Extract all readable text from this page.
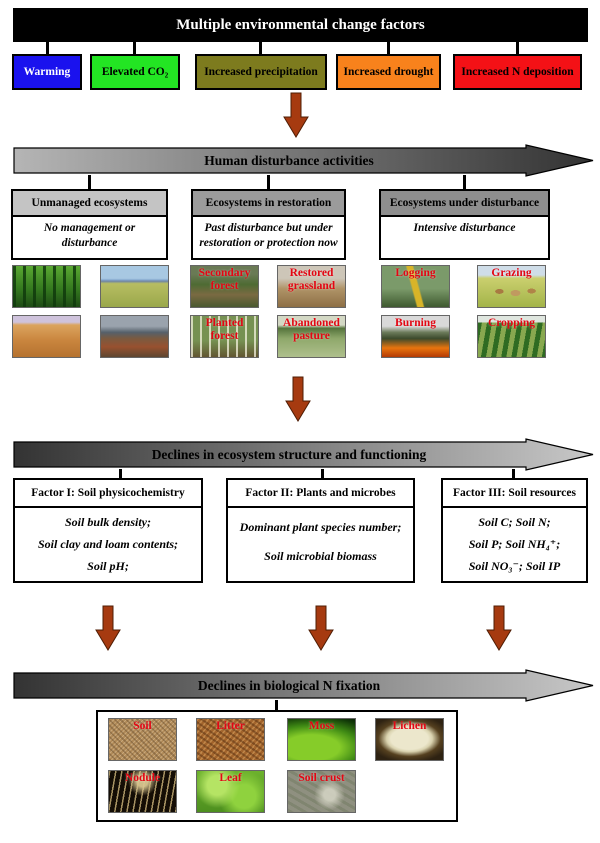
Multiple environmental change factors
Warming	Elevated CO₂	Increased precipitation Increased drought Increased N deposition
Human disturbance activities
Unmanaged ecosystems
No management or disturbance
Ecosystems in restoration
Past disturbance but under restoration or protection now
Ecosystems under disturbance
Intensive disturbance
Secondary forest
Restored grassland
Planted forest
Abandoned pasture
Logging	Grazing
Burning	Cropping
Declines in ecosystem structure and functioning
Factor I: Soil physicochemistry
Soil bulk density;
Soil clay and loam contents;
Soil pH;
Factor II: Plants and microbes
Dominant plant species number;
Soil microbial biomass
Factor III: Soil resources
Soil C; Soil N;
Soil P; Soil NH₄⁺;
Soil NO₃⁻; Soil IP
Declines in biological N fixation
Soil	Litter	Moss	Lichen
Nodule	Leaf	Soil crust
